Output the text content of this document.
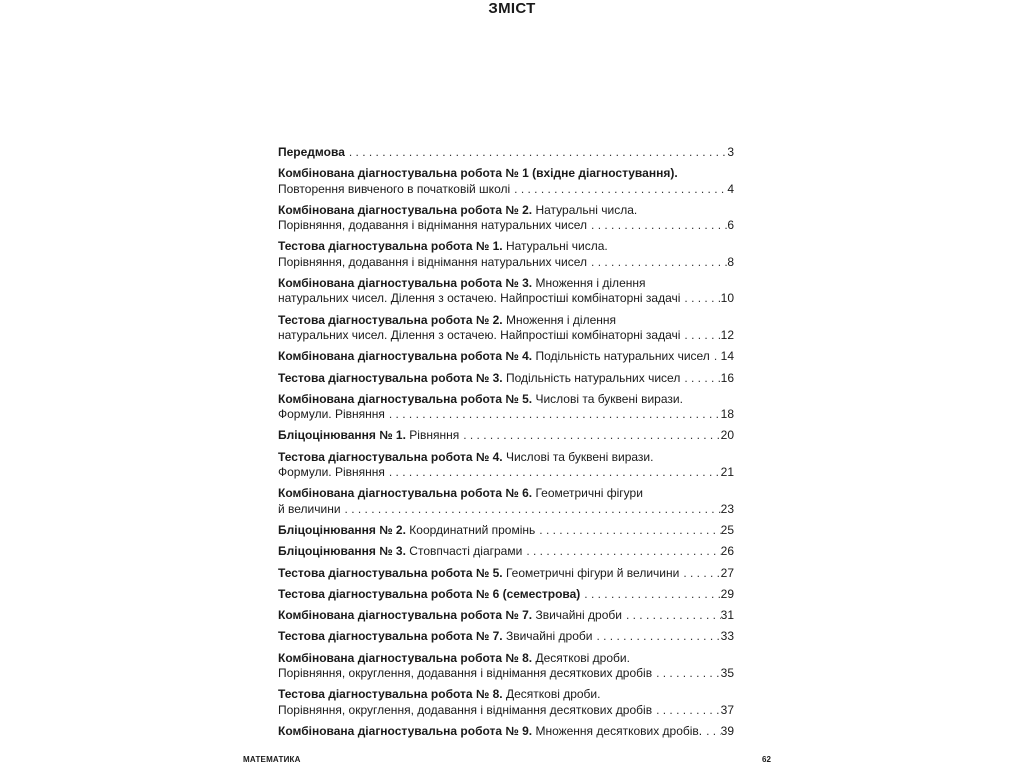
ЗМІСТ
Передмова . . .	3
Комбінована діагностувальна робота № 1 (вхідне діагностування).
Повторення вивченого в початковій школі . . .	4
Комбінована діагностувальна робота № 2. Натуральні числа.
Порівняння, додавання і віднімання натуральних чисел . . .	6
Тестова діагностувальна робота № 1. Натуральні числа.
Порівняння, додавання і віднімання натуральних чисел . . .	8
Комбінована діагностувальна робота № 3. Множення і ділення
натуральних чисел. Ділення з остачею. Найпростіші комбінаторні задачі . . .	10
Тестова діагностувальна робота № 2. Множення і ділення
натуральних чисел. Ділення з остачею. Найпростіші комбінаторні задачі . . .	12
Комбінована діагностувальна робота № 4. Подільність натуральних чисел . . . 14
Тестова діагностувальна робота № 3. Подільність натуральних чисел . . .	16
Комбінована діагностувальна робота № 5. Числові та буквені вирази.
Формули. Рівняння . . .	18
Бліцоцінювання № 1. Рівняння . . .	20
Тестова діагностувальна робота № 4. Числові та буквені вирази.
Формули. Рівняння . . .	21
Комбінована діагностувальна робота № 6. Геометричні фігури
й величини . . .	23
Бліцоцінювання № 2. Координатний промінь . . .	25
Бліцоцінювання № 3. Стовпчасті діаграми . . .	26
Тестова діагностувальна робота № 5. Геометричні фігури й величини . . .	27
Тестова діагностувальна робота № 6 (семестрова) . . .	29
Комбінована діагностувальна робота № 7. Звичайні дроби . . .	31
Тестова діагностувальна робота № 7. Звичайні дроби . . .	33
Комбінована діагностувальна робота № 8. Десяткові дроби.
Порівняння, округлення, додавання і віднімання десяткових дробів . . .	35
Тестова діагностувальна робота № 8. Десяткові дроби.
Порівняння, округлення, додавання і віднімання десяткових дробів . . .	37
Комбінована діагностувальна робота № 9. Множення десяткових дробів. . . . 39
МАТЕМАТИКА	62
